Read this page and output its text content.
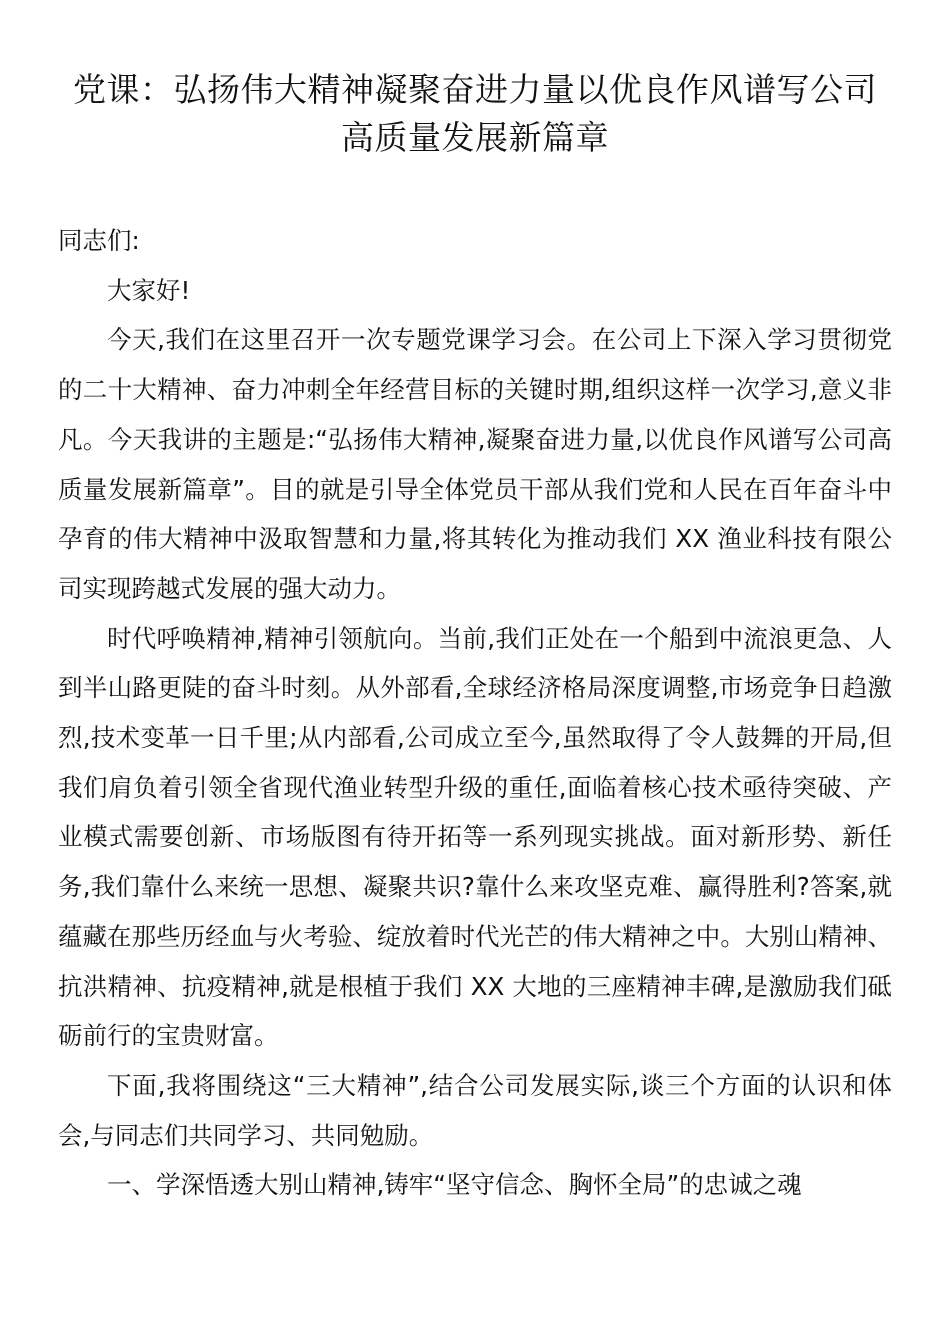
党课：弘扬伟大精神凝聚奋进力量以优良作风谱写公司高质量发展新篇章

同志们:

大家好!

今天,我们在这里召开一次专题党课学习会。在公司上下深入学习贯彻党的二十大精神、奋力冲刺全年经营目标的关键时期,组织这样一次学习,意义非凡。今天我讲的主题是:“弘扬伟大精神,凝聚奋进力量,以优良作风谱写公司高质量发展新篇章”。目的就是引导全体党员干部从我们党和人民在百年奋斗中孕育的伟大精神中汲取智慧和力量,将其转化为推动我们 XX 渔业科技有限公司实现跨越式发展的强大动力。

时代呼唤精神,精神引领航向。当前,我们正处在一个船到中流浪更急、人到半山路更陡的奋斗时刻。从外部看,全球经济格局深度调整,市场竞争日趋激烈,技术变革一日千里;从内部看,公司成立至今,虽然取得了令人鼓舞的开局,但我们肩负着引领全省现代渔业转型升级的重任,面临着核心技术亟待突破、产业模式需要创新、市场版图有待开拓等一系列现实挑战。面对新形势、新任务,我们靠什么来统一思想、凝聚共识?靠什么来攻坚克难、赢得胜利?答案,就蕴藏在那些历经血与火考验、绽放着时代光芒的伟大精神之中。大别山精神、抗洪精神、抗疫精神,就是根植于我们 XX 大地的三座精神丰碑,是激励我们砥砺前行的宝贵财富。

下面,我将围绕这“三大精神”,结合公司发展实际,谈三个方面的认识和体会,与同志们共同学习、共同勉励。

一、学深悟透大别山精神,铸牢“坚守信念、胸怀全局”的忠诚之魂
